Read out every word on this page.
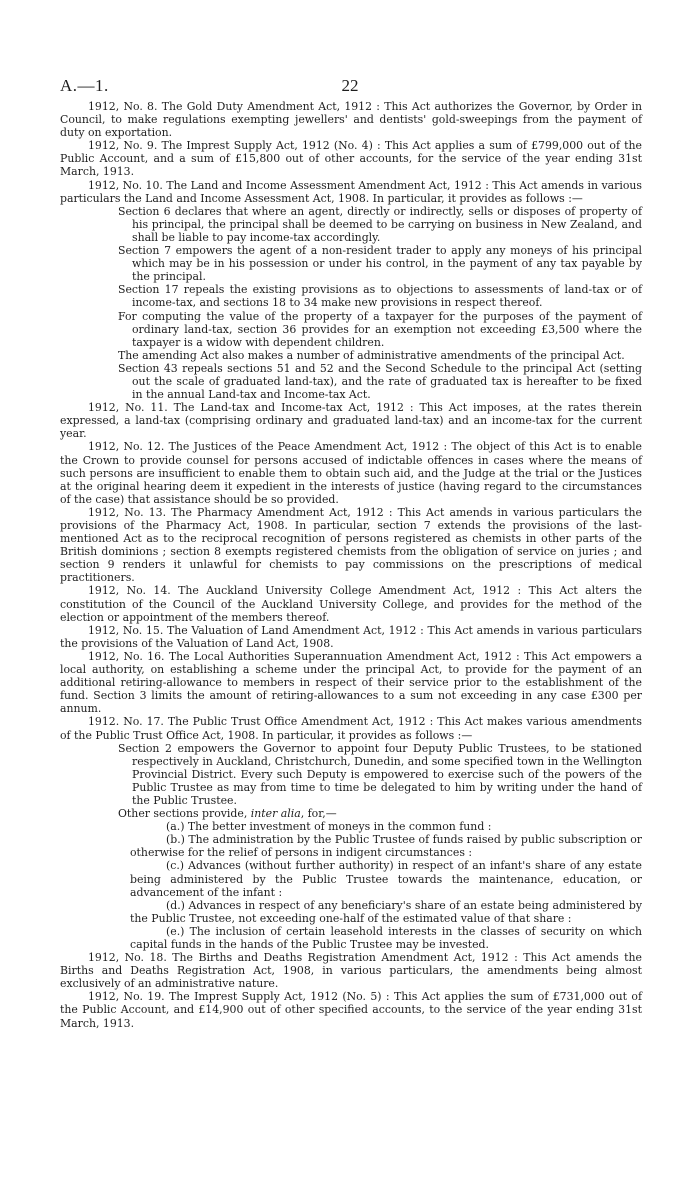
A.—1.	22

1912, No. 8. The Gold Duty Amendment Act, 1912 : This Act authorizes the Governor, by Order in Council, to make regulations exempting jewellers' and dentists' gold-sweepings from the payment of duty on exportation.

1912, No. 9. The Imprest Supply Act, 1912 (No. 4) : This Act applies a sum of £799,000 out of the Public Account, and a sum of £15,800 out of other accounts, for the service of the year ending 31st March, 1913.

1912, No. 10. The Land and Income Assessment Amendment Act, 1912 : This Act amends in various particulars the Land and Income Assessment Act, 1908. In particular, it provides as follows :—

Section 6 declares that where an agent, directly or indirectly, sells or disposes of property of his principal, the principal shall be deemed to be carrying on business in New Zealand, and shall be liable to pay income-tax accordingly.

Section 7 empowers the agent of a non-resident trader to apply any moneys of his principal which may be in his possession or under his control, in the payment of any tax payable by the principal.

Section 17 repeals the existing provisions as to objections to assessments of land-tax or of income-tax, and sections 18 to 34 make new provisions in respect thereof.

For computing the value of the property of a taxpayer for the purposes of the payment of ordinary land-tax, section 36 provides for an exemption not exceeding £3,500 where the taxpayer is a widow with dependent children.

The amending Act also makes a number of administrative amendments of the principal Act.

Section 43 repeals sections 51 and 52 and the Second Schedule to the principal Act (setting out the scale of graduated land-tax), and the rate of graduated tax is hereafter to be fixed in the annual Land-tax and Income-tax Act.

1912, No. 11. The Land-tax and Income-tax Act, 1912 : This Act imposes, at the rates therein expressed, a land-tax (comprising ordinary and graduated land-tax) and an income-tax for the current year.

1912, No. 12. The Justices of the Peace Amendment Act, 1912 : The object of this Act is to enable the Crown to provide counsel for persons accused of indictable offences in cases where the means of such persons are insufficient to enable them to obtain such aid, and the Judge at the trial or the Justices at the original hearing deem it expedient in the interests of justice (having regard to the circumstances of the case) that assistance should be so provided.

1912, No. 13. The Pharmacy Amendment Act, 1912 : This Act amends in various particulars the provisions of the Pharmacy Act, 1908. In particular, section 7 extends the provisions of the last-mentioned Act as to the reciprocal recognition of persons registered as chemists in other parts of the British dominions ; section 8 exempts registered chemists from the obligation of service on juries ; and section 9 renders it unlawful for chemists to pay commissions on the prescriptions of medical practitioners.

1912, No. 14. The Auckland University College Amendment Act, 1912 : This Act alters the constitution of the Council of the Auckland University College, and provides for the method of the election or appointment of the members thereof.

1912, No. 15. The Valuation of Land Amendment Act, 1912 : This Act amends in various particulars the provisions of the Valuation of Land Act, 1908.

1912, No. 16. The Local Authorities Superannuation Amendment Act, 1912 : This Act empowers a local authority, on establishing a scheme under the principal Act, to provide for the payment of an additional retiring-allowance to members in respect of their service prior to the establishment of the fund. Section 3 limits the amount of retiring-allowances to a sum not exceeding in any case £300 per annum.

1912. No. 17. The Public Trust Office Amendment Act, 1912 : This Act makes various amendments of the Public Trust Office Act, 1908. In particular, it provides as follows :—

Section 2 empowers the Governor to appoint four Deputy Public Trustees, to be stationed respectively in Auckland, Christchurch, Dunedin, and some specified town in the Wellington Provincial District. Every such Deputy is empowered to exercise such of the powers of the Public Trustee as may from time to time be delegated to him by writing under the hand of the Public Trustee.

Other sections provide, inter alia, for,—

(a.) The better investment of moneys in the common fund :

(b.) The administration by the Public Trustee of funds raised by public subscription or otherwise for the relief of persons in indigent circumstances :

(c.) Advances (without further authority) in respect of an infant's share of any estate being administered by the Public Trustee towards the maintenance, education, or advancement of the infant :

(d.) Advances in respect of any beneficiary's share of an estate being administered by the Public Trustee, not exceeding one-half of the estimated value of that share :

(e.) The inclusion of certain leasehold interests in the classes of security on which capital funds in the hands of the Public Trustee may be invested.

1912, No. 18. The Births and Deaths Registration Amendment Act, 1912 : This Act amends the Births and Deaths Registration Act, 1908, in various particulars, the amendments being almost exclusively of an administrative nature.

1912, No. 19. The Imprest Supply Act, 1912 (No. 5) : This Act applies the sum of £731,000 out of the Public Account, and £14,900 out of other specified accounts, to the service of the year ending 31st March, 1913.
